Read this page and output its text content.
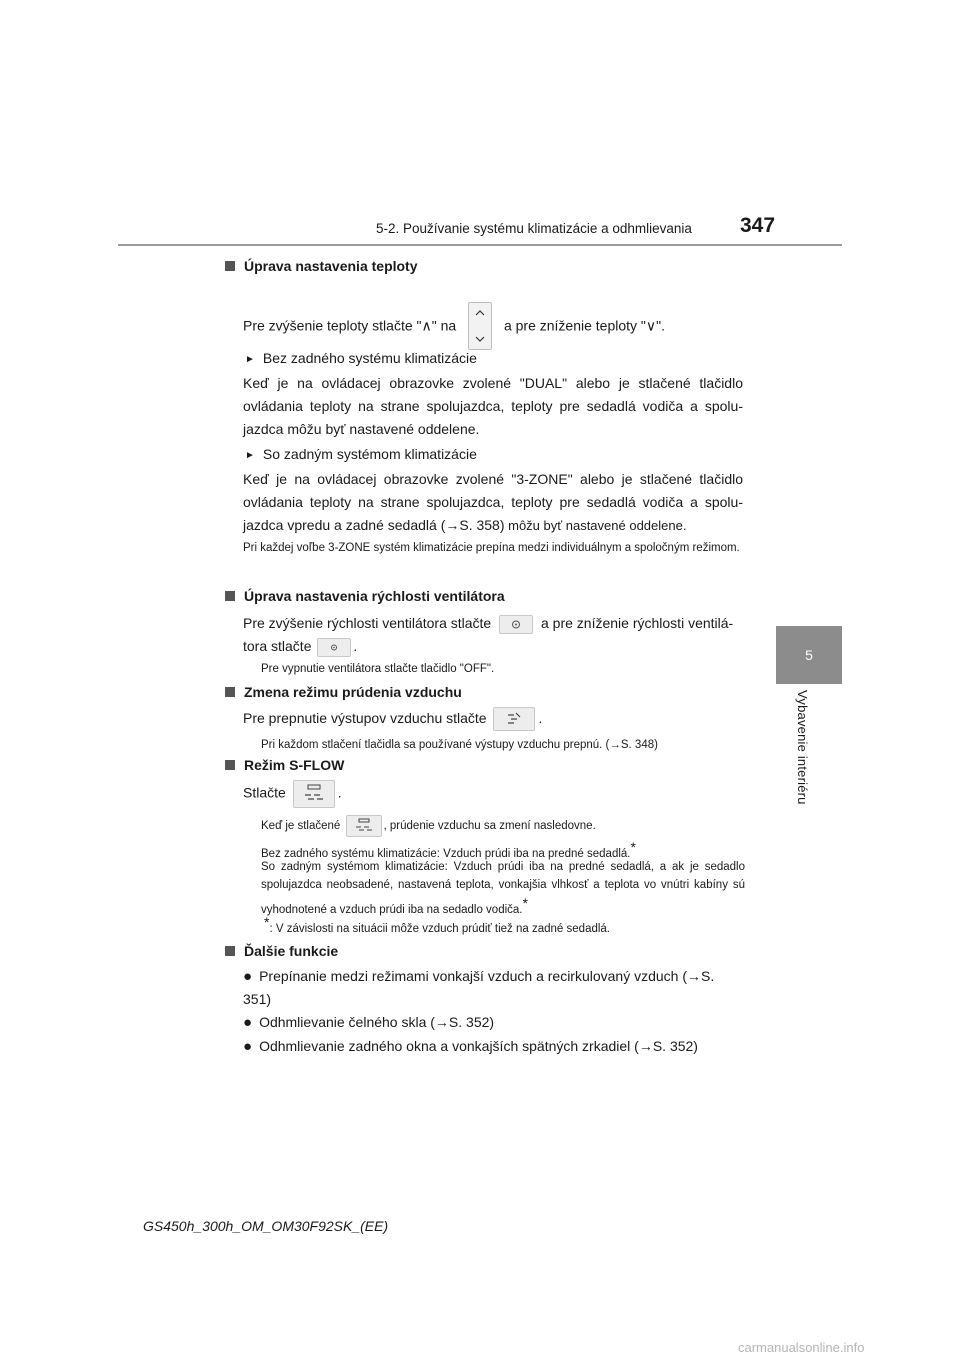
5-2. Používanie systému klimatizácie a odhmlievania 347
5
Vybavenie interiéru
Úprava nastavenia teploty
Pre zvýšenie teploty stlačte "∧" na	a pre zníženie teploty "∨".
► Bez zadného systému klimatizácie
Keď je na ovládacej obrazovke zvolené "DUAL" alebo je stlačené tlačidlo ovládania teploty na strane spolujazdca, teploty pre sedadlá vodiča a spolujazdca môžu byť nastavené oddelene.
► So zadným systémom klimatizácie
Keď je na ovládacej obrazovke zvolené "3-ZONE" alebo je stlačené tlačidlo ovládania teploty na strane spolujazdca, teploty pre sedadlá vodiča a spolujazdca vpredu a zadné sedadlá (→S. 358) môžu byť nastavené oddelene.
Pri každej voľbe 3-ZONE systém klimatizácie prepína medzi individuálnym a spoločným režimom.
Úprava nastavenia rýchlosti ventilátora
Pre zvýšenie rýchlosti ventilátora stlačte	a pre zníženie rýchlosti ventilátora stlačte	.
Pre vypnutie ventilátora stlačte tlačidlo "OFF".
Zmena režimu prúdenia vzduchu
Pre prepnutie výstupov vzduchu stlačte	.
Pri každom stlačení tlačidla sa používané výstupy vzduchu prepnú. (→S. 348)
Režim S-FLOW
Stlačte	.
Keď je stlačené	, prúdenie vzduchu sa zmení nasledovne.
Bez zadného systému klimatizácie: Vzduch prúdi iba na predné sedadlá.*
So zadným systémom klimatizácie: Vzduch prúdi iba na predné sedadlá, a ak je sedadlo spolujazdca neobsadené, nastavená teplota, vonkajšia vlhkosť a teplota vo vnútri kabíny sú vyhodnotené a vzduch prúdi iba na sedadlo vodiča.*
*: V závislosti na situácii môže vzduch prúdiť tiež na zadné sedadlá.
Ďalšie funkcie
● Prepínanie medzi režimami vonkajší vzduch a recirkulovaný vzduch (→S. 351)
● Odhmlievanie čelného skla (→S. 352)
● Odhmlievanie zadného okna a vonkajších spätných zrkadiel (→S. 352)
GS450h_300h_OM_OM30F92SK_(EE)
carmanualsonline.info
